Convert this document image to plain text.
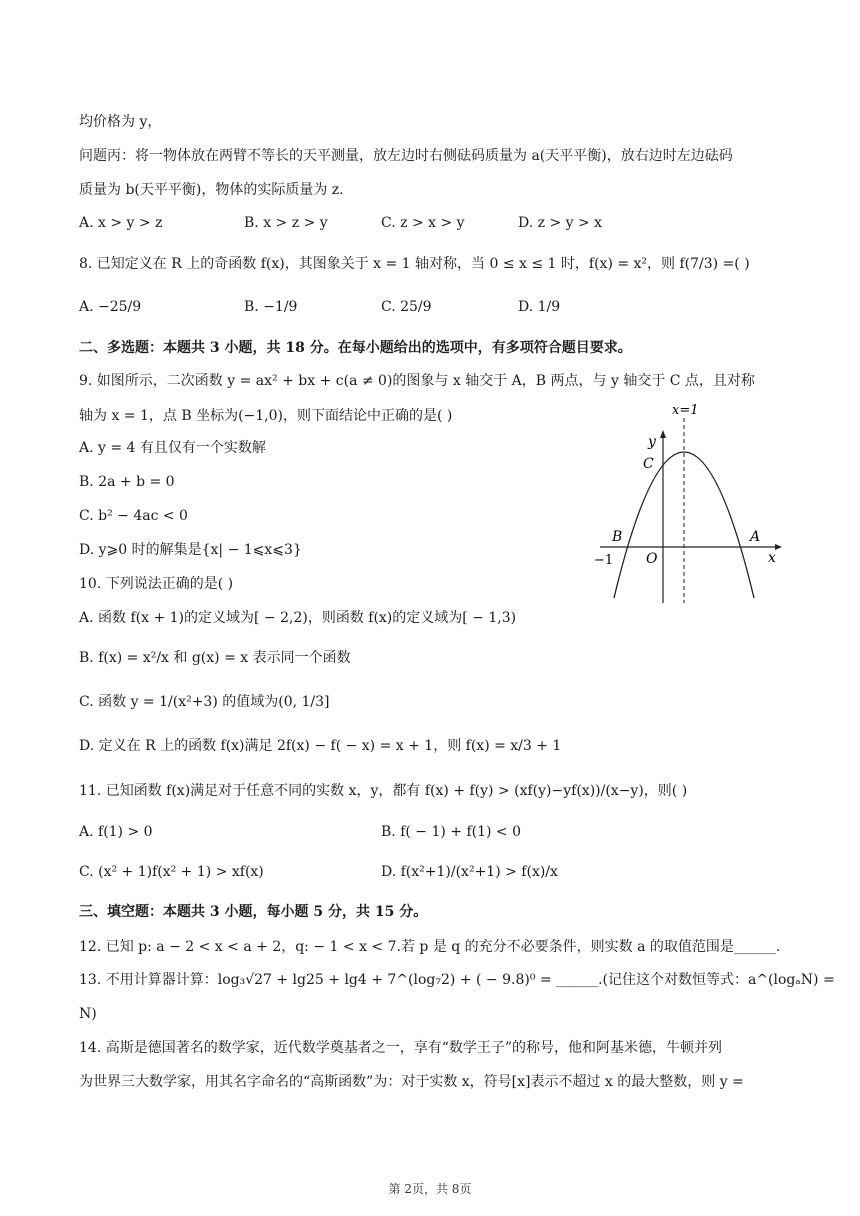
均价格为 y，
问题丙：将一物体放在两臂不等长的天平测量，放左边时右侧砝码质量为 a(天平平衡)，放右边时左边砝码
质量为 b(天平平衡)，物体的实际质量为 z.
A. x > y > z	B. x > z > y	C. z > x > y	D. z > y > x
8. 已知定义在 R 上的奇函数 f(x)，其图象关于 x = 1 轴对称，当 0 ≤ x ≤ 1 时，f(x) = x²，则 f(7/3) =( )
A. −25/9	B. −1/9	C. 25/9	D. 1/9
二、多选题：本题共 3 小题，共 18 分。在每小题给出的选项中，有多项符合题目要求。
9. 如图所示，二次函数 y = ax² + bx + c(a ≠ 0)的图象与 x 轴交于 A，B 两点，与 y 轴交于 C 点，且对称
轴为 x = 1，点 B 坐标为(−1,0)，则下面结论中正确的是( )
A. y = 4 有且仅有一个实数解
B. 2a + b = 0
C. b² − 4ac < 0
D. y⩾0 时的解集是{x| − 1⩽x⩽3}
x=1
y
x
C
B	A
O
−1
10. 下列说法正确的是( )
A. 函数 f(x + 1)的定义域为[ − 2,2)，则函数 f(x)的定义域为[ − 1,3)
B. f(x) = x²/x 和 g(x) = x 表示同一个函数
C. 函数 y = 1/(x²+3) 的值域为(0, 1/3]
D. 定义在 R 上的函数 f(x)满足 2f(x) − f( − x) = x + 1，则 f(x) = x/3 + 1
11. 已知函数 f(x)满足对于任意不同的实数 x，y，都有 f(x) + f(y) > (xf(y)−yf(x))/(x−y)，则( )
A. f(1) > 0	B. f( − 1) + f(1) < 0
C. (x² + 1)f(x² + 1) > xf(x)	D. f(x²+1)/(x²+1) > f(x)/x
三、填空题：本题共 3 小题，每小题 5 分，共 15 分。
12. 已知 p: a − 2 < x < a + 2，q: − 1 < x < 7.若 p 是 q 的充分不必要条件，则实数 a 的取值范围是______.
13. 不用计算器计算：log₃√27 + lg25 + lg4 + 7^(log₇2) + ( − 9.8)⁰ = ______.(记住这个对数恒等式：a^(logₐN) =
N)
14. 高斯是德国著名的数学家，近代数学奠基者之一，享有“数学王子”的称号，他和阿基米德，牛顿并列
为世界三大数学家，用其名字命名的“高斯函数”为：对于实数 x，符号[x]表示不超过 x 的最大整数，则 y =
第 2页，共 8页
